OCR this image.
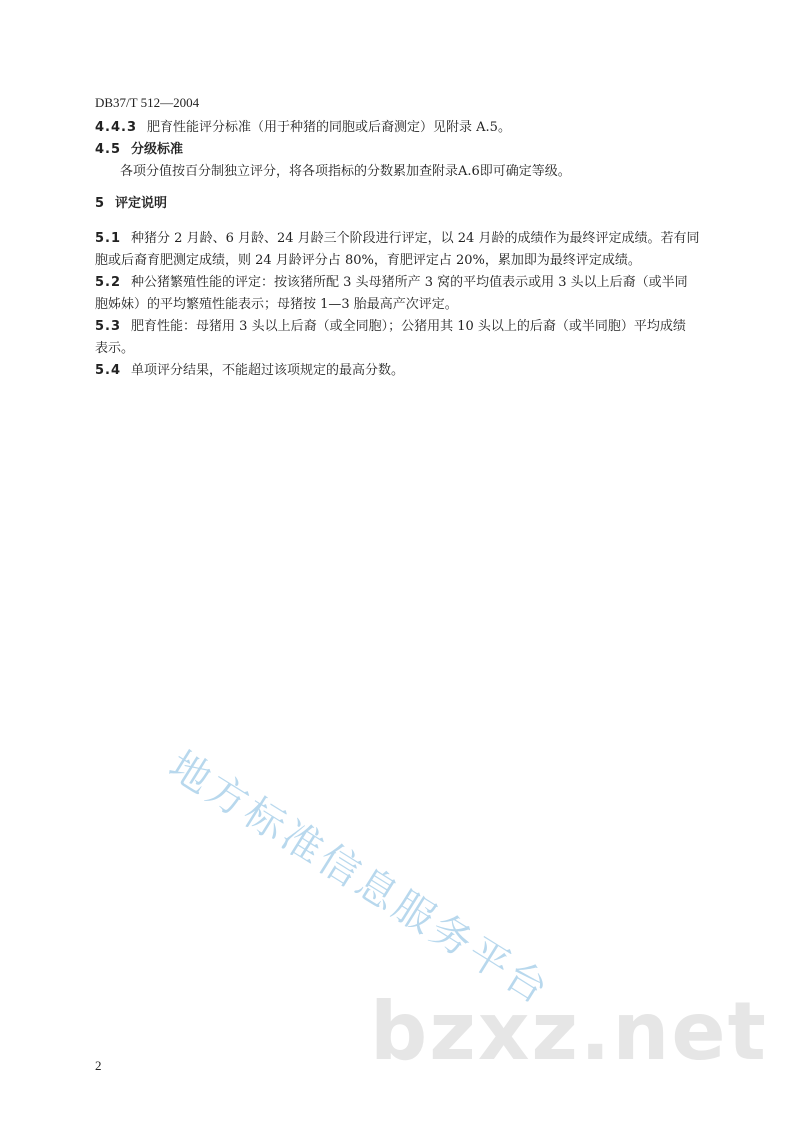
DB37/T 512—2004
4.4.3 肥育性能评分标准（用于种猪的同胞或后裔测定）见附录 A.5。
4.5 分级标准
各项分值按百分制独立评分，将各项指标的分数累加查附录A.6即可确定等级。
5 评定说明
5.1 种猪分 2 月龄、6 月龄、24 月龄三个阶段进行评定，以 24 月龄的成绩作为最终评定成绩。若有同
胞或后裔育肥测定成绩，则 24 月龄评分占 80%，育肥评定占 20%，累加即为最终评定成绩。
5.2 种公猪繁殖性能的评定：按该猪所配 3 头母猪所产 3 窝的平均值表示或用 3 头以上后裔（或半同
胞姊妹）的平均繁殖性能表示；母猪按 1—3 胎最高产次评定。
5.3 肥育性能：母猪用 3 头以上后裔（或全同胞）；公猪用其 10 头以上的后裔（或半同胞）平均成绩
表示。
5.4 单项评分结果，不能超过该项规定的最高分数。
地方标准信息服务平台
bzxz.net
2
